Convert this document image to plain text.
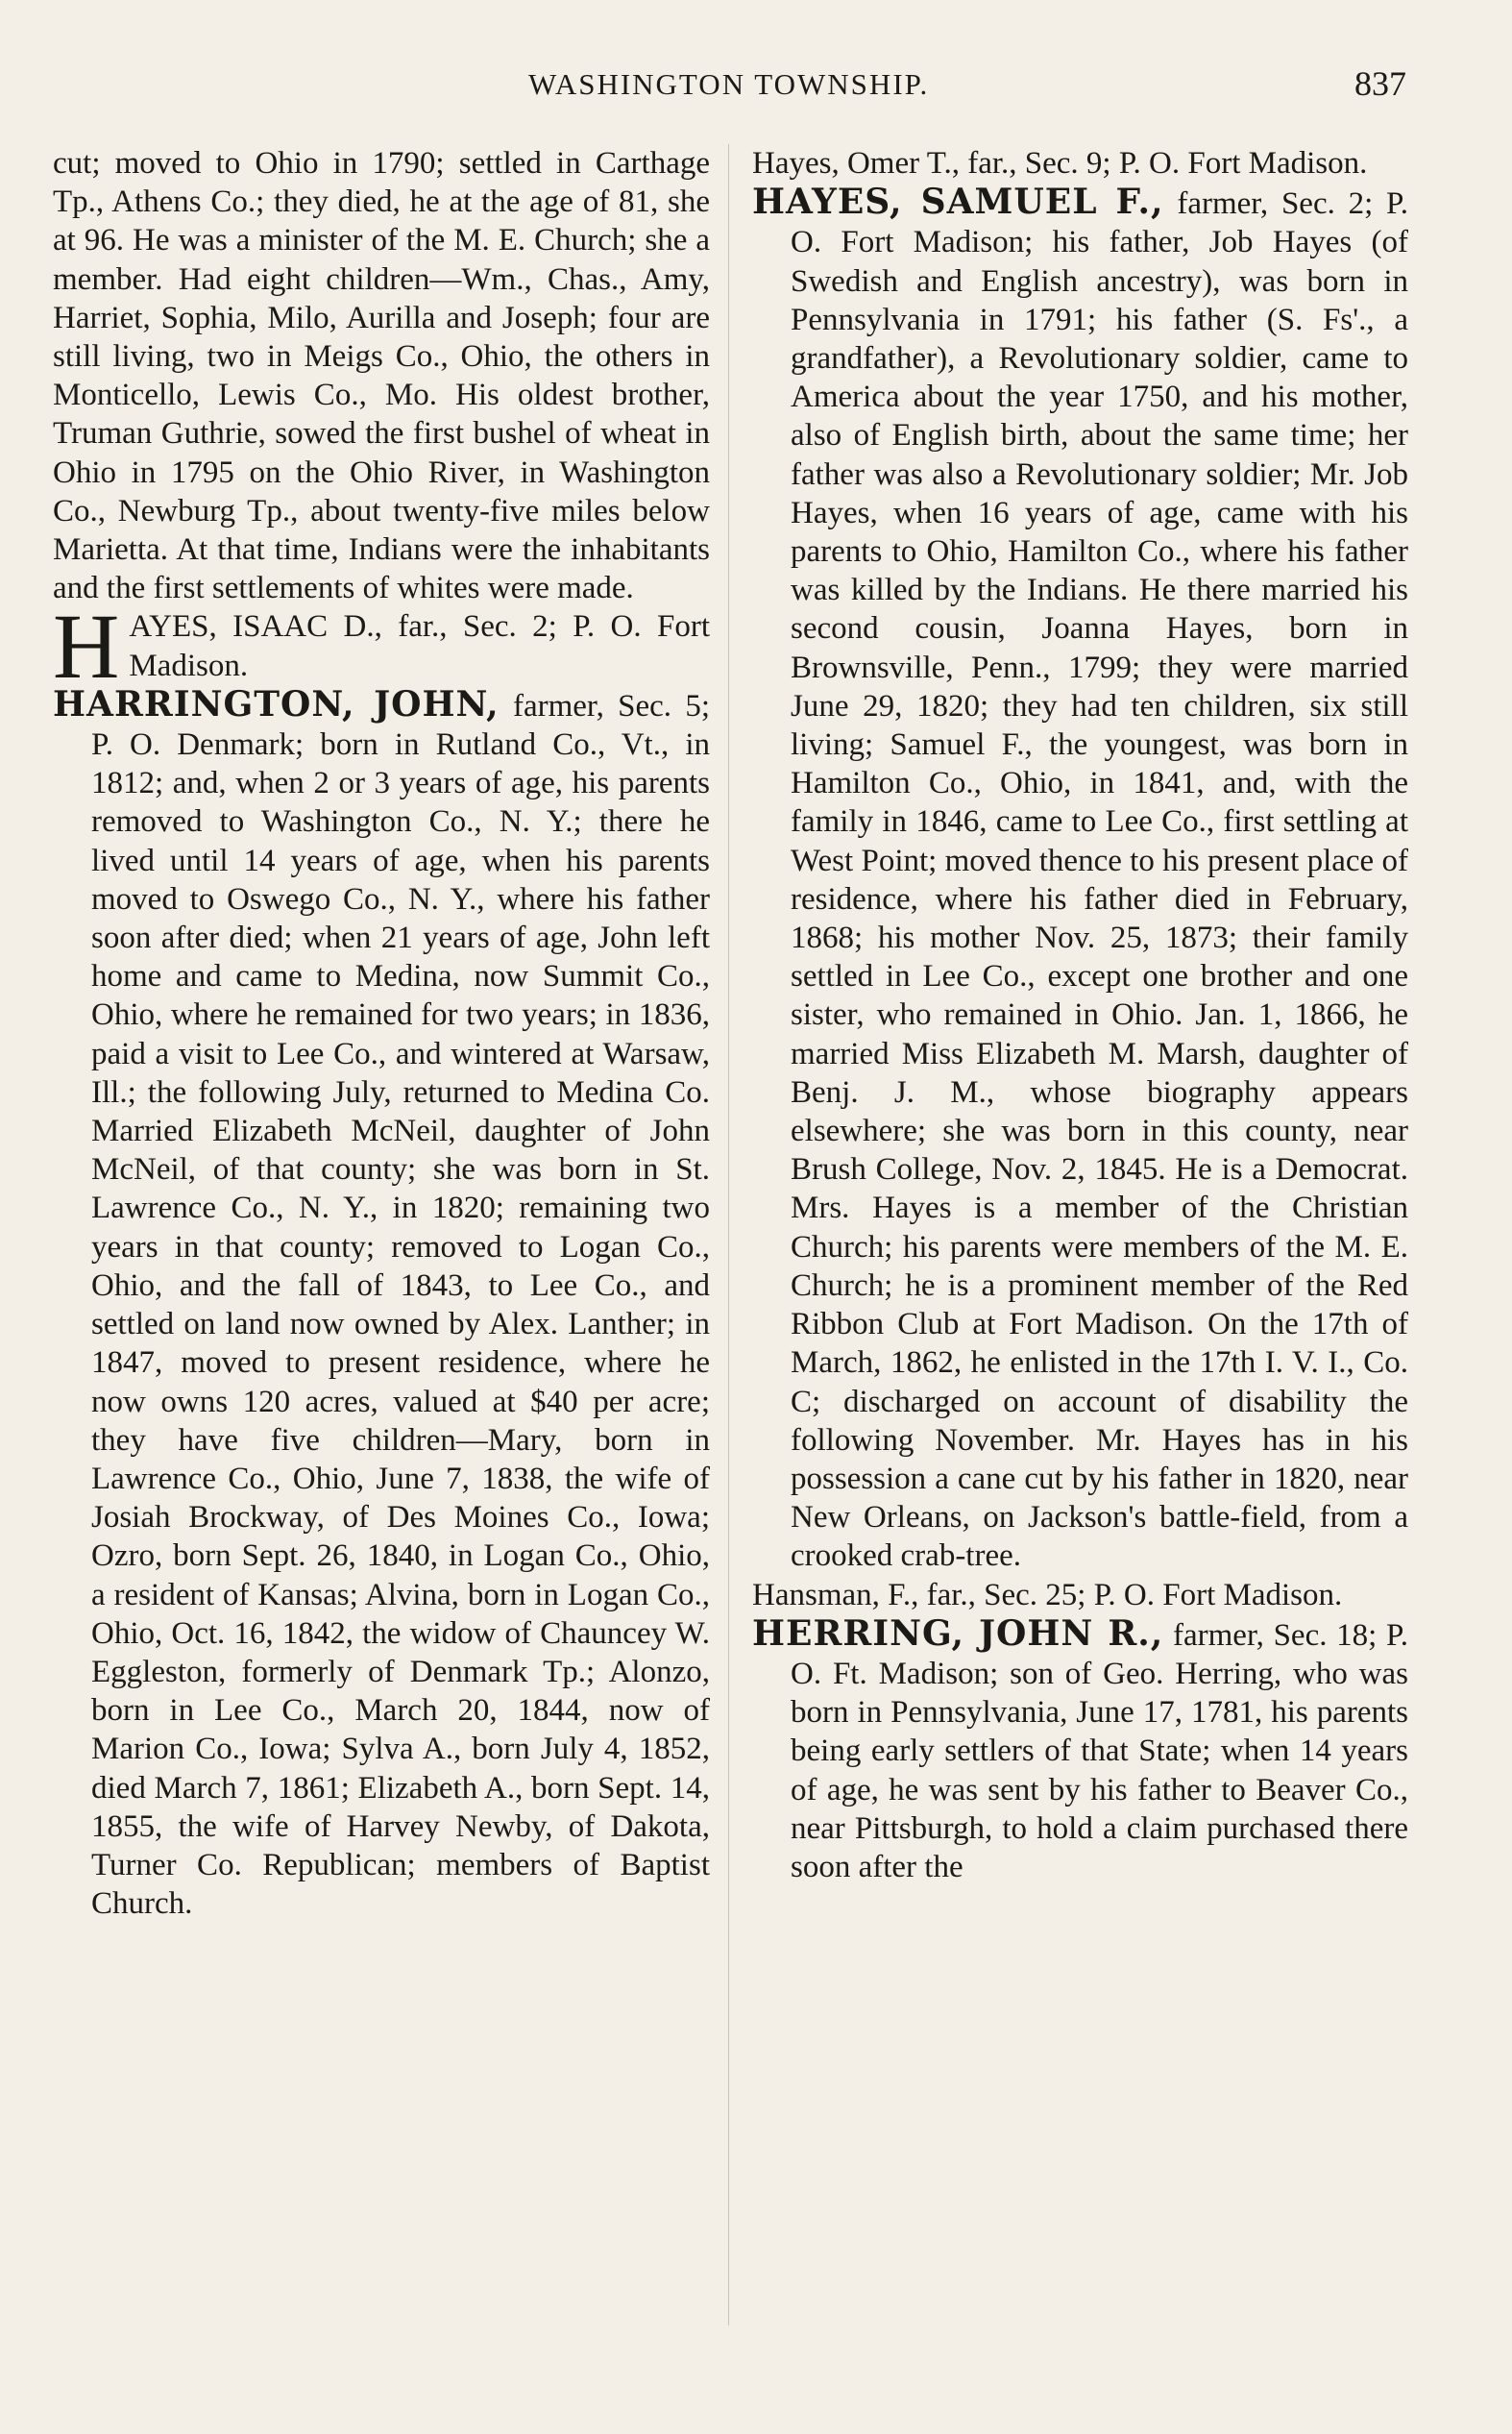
WASHINGTON TOWNSHIP.	837

cut; moved to Ohio in 1790; settled in Carthage Tp., Athens Co.; they died, he at the age of 81, she at 96. He was a minister of the M. E. Church; she a member. Had eight children—Wm., Chas., Amy, Harriet, Sophia, Milo, Aurilla and Joseph; four are still living, two in Meigs Co., Ohio, the others in Monticello, Lewis Co., Mo. His oldest brother, Truman Guthrie, sowed the first bushel of wheat in Ohio in 1795 on the Ohio River, in Washington Co., Newburg Tp., about twenty-five miles below Marietta. At that time, Indians were the inhabitants and the first settlements of whites were made.

H AYES, ISAAC D., far., Sec. 2; P. O. Fort Madison.

HARRINGTON, JOHN, farmer, Sec. 5; P. O. Denmark; born in Rutland Co., Vt., in 1812; and, when 2 or 3 years of age, his parents removed to Washington Co., N. Y.; there he lived until 14 years of age, when his parents moved to Oswego Co., N. Y., where his father soon after died; when 21 years of age, John left home and came to Medina, now Summit Co., Ohio, where he remained for two years; in 1836, paid a visit to Lee Co., and wintered at Warsaw, Ill.; the following July, returned to Medina Co. Married Elizabeth McNeil, daughter of John McNeil, of that county; she was born in St. Lawrence Co., N. Y., in 1820; remaining two years in that county; removed to Logan Co., Ohio, and the fall of 1843, to Lee Co., and settled on land now owned by Alex. Lanther; in 1847, moved to present residence, where he now owns 120 acres, valued at $40 per acre; they have five children—Mary, born in Lawrence Co., Ohio, June 7, 1838, the wife of Josiah Brockway, of Des Moines Co., Iowa; Ozro, born Sept. 26, 1840, in Logan Co., Ohio, a resident of Kansas; Alvina, born in Logan Co., Ohio, Oct. 16, 1842, the widow of Chauncey W. Eggleston, formerly of Denmark Tp.; Alonzo, born in Lee Co., March 20, 1844, now of Marion Co., Iowa; Sylva A., born July 4, 1852, died March 7, 1861; Elizabeth A., born Sept. 14, 1855, the wife of Harvey Newby, of Dakota, Turner Co. Republican; members of Baptist Church.

Hayes, Omer T., far., Sec. 9; P. O. Fort Madison.

HAYES, SAMUEL F., farmer, Sec. 2; P. O. Fort Madison; his father, Job Hayes (of Swedish and English ancestry), was born in Pennsylvania in 1791; his father (S. Fs'., a grandfather), a Revolutionary soldier, came to America about the year 1750, and his mother, also of English birth, about the same time; her father was also a Revolutionary soldier; Mr. Job Hayes, when 16 years of age, came with his parents to Ohio, Hamilton Co., where his father was killed by the Indians. He there married his second cousin, Joanna Hayes, born in Brownsville, Penn., 1799; they were married June 29, 1820; they had ten children, six still living; Samuel F., the youngest, was born in Hamilton Co., Ohio, in 1841, and, with the family in 1846, came to Lee Co., first settling at West Point; moved thence to his present place of residence, where his father died in February, 1868; his mother Nov. 25, 1873; their family settled in Lee Co., except one brother and one sister, who remained in Ohio. Jan. 1, 1866, he married Miss Elizabeth M. Marsh, daughter of Benj. J. M., whose biography appears elsewhere; she was born in this county, near Brush College, Nov. 2, 1845. He is a Democrat. Mrs. Hayes is a member of the Christian Church; his parents were members of the M. E. Church; he is a prominent member of the Red Ribbon Club at Fort Madison. On the 17th of March, 1862, he enlisted in the 17th I. V. I., Co. C; discharged on account of disability the following November. Mr. Hayes has in his possession a cane cut by his father in 1820, near New Orleans, on Jackson's battle-field, from a crooked crab-tree.

Hansman, F., far., Sec. 25; P. O. Fort Madison.

HERRING, JOHN R., farmer, Sec. 18; P. O. Ft. Madison; son of Geo. Herring, who was born in Pennsylvania, June 17, 1781, his parents being early settlers of that State; when 14 years of age, he was sent by his father to Beaver Co., near Pittsburgh, to hold a claim purchased there soon after the
